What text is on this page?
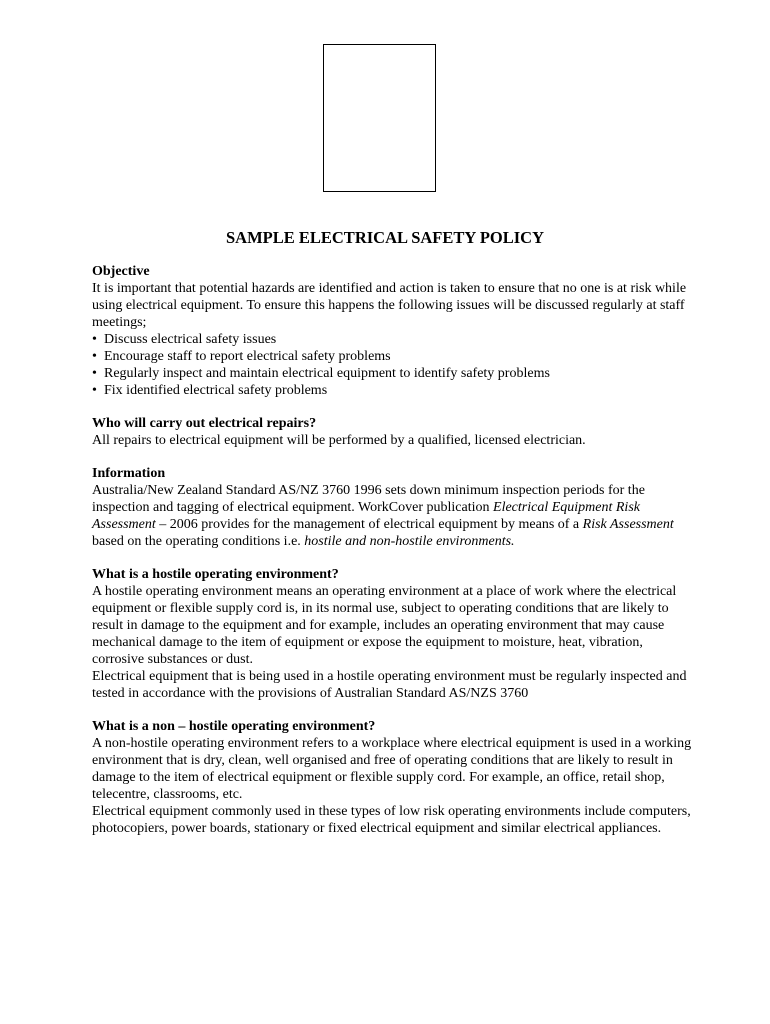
SAMPLE ELECTRICAL SAFETY POLICY
Objective

It is important that potential hazards are identified and action is taken to ensure that no one is at risk while using electrical equipment. To ensure this happens the following issues will be discussed regularly at staff meetings;

• Discuss electrical safety issues
• Encourage staff to report electrical safety problems
• Regularly inspect and maintain electrical equipment to identify safety problems
• Fix identified electrical safety problems
Who will carry out electrical repairs?

All repairs to electrical equipment will be performed by a qualified, licensed electrician.

Information

Australia/New Zealand Standard AS/NZ 3760 1996 sets down minimum inspection periods for the inspection and tagging of electrical equipment. WorkCover publication Electrical Equipment Risk Assessment – 2006 provides for the management of electrical equipment by means of a Risk Assessment based on the operating conditions i.e. hostile and non-hostile environments.

What is a hostile operating environment?

A hostile operating environment means an operating environment at a place of work where the electrical equipment or flexible supply cord is, in its normal use, subject to operating conditions that are likely to result in damage to the equipment and for example, includes an operating environment that may cause mechanical damage to the item of equipment or expose the equipment to moisture, heat, vibration, corrosive substances or dust.

Electrical equipment that is being used in a hostile operating environment must be regularly inspected and tested in accordance with the provisions of Australian Standard AS/NZS 3760

What is a non – hostile operating environment?

A non-hostile operating environment refers to a workplace where electrical equipment is used in a working environment that is dry, clean, well organised and free of operating conditions that are likely to result in damage to the item of electrical equipment or flexible supply cord. For example, an office, retail shop, telecentre, classrooms, etc.

Electrical equipment commonly used in these types of low risk operating environments include computers, photocopiers, power boards, stationary or fixed electrical equipment and similar electrical appliances.
